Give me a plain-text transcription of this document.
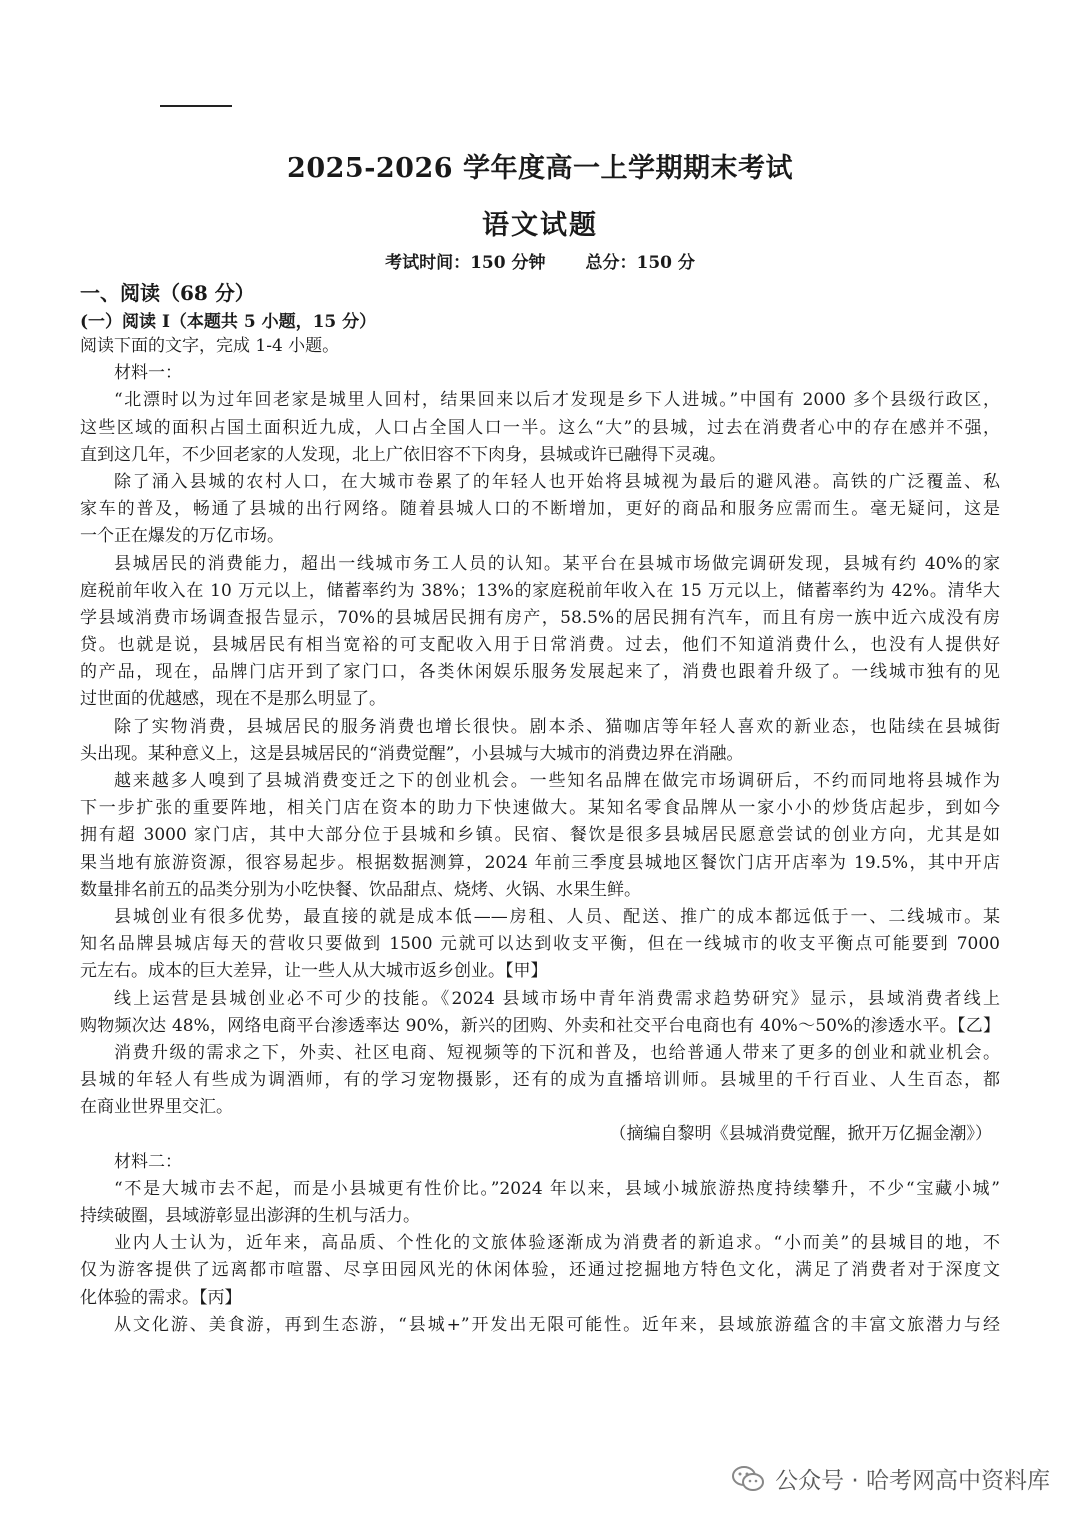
2025-2026 学年度高一上学期期末考试
语文试题
考试时间：150 分钟 总分：150 分
一、阅读（68 分）
(一）阅读 I（本题共 5 小题，15 分）
阅读下面的文字，完成 1-4 小题。
材料一：
“北漂时以为过年回老家是城里人回村，结果回来以后才发现是乡下人进城。”中国有 2000 多个县级行政区，
这些区域的面积占国土面积近九成，人口占全国人口一半。这么“大”的县城，过去在消费者心中的存在感并不强，
直到这几年，不少回老家的人发现，北上广依旧容不下肉身，县城或许已融得下灵魂。
除了涌入县城的农村人口，在大城市卷累了的年轻人也开始将县城视为最后的避风港。高铁的广泛覆盖、私
家车的普及，畅通了县城的出行网络。随着县城人口的不断增加，更好的商品和服务应需而生。毫无疑问，这是
一个正在爆发的万亿市场。
县城居民的消费能力，超出一线城市务工人员的认知。某平台在县城市场做完调研发现，县城有约 40%的家
庭税前年收入在 10 万元以上，储蓄率约为 38%；13%的家庭税前年收入在 15 万元以上，储蓄率约为 42%。清华大
学县域消费市场调查报告显示，70%的县城居民拥有房产，58.5%的居民拥有汽车，而且有房一族中近六成没有房
贷。也就是说，县城居民有相当宽裕的可支配收入用于日常消费。过去，他们不知道消费什么，也没有人提供好
的产品，现在，品牌门店开到了家门口，各类休闲娱乐服务发展起来了，消费也跟着升级了。一线城市独有的见
过世面的优越感，现在不是那么明显了。
除了实物消费，县城居民的服务消费也增长很快。剧本杀、猫咖店等年轻人喜欢的新业态，也陆续在县城街
头出现。某种意义上，这是县城居民的“消费觉醒”，小县城与大城市的消费边界在消融。
越来越多人嗅到了县城消费变迁之下的创业机会。一些知名品牌在做完市场调研后，不约而同地将县城作为
下一步扩张的重要阵地，相关门店在资本的助力下快速做大。某知名零食品牌从一家小小的炒货店起步，到如今
拥有超 3000 家门店，其中大部分位于县城和乡镇。民宿、餐饮是很多县城居民愿意尝试的创业方向，尤其是如
果当地有旅游资源，很容易起步。根据数据测算，2024 年前三季度县城地区餐饮门店开店率为 19.5%，其中开店
数量排名前五的品类分别为小吃快餐、饮品甜点、烧烤、火锅、水果生鲜。
县城创业有很多优势，最直接的就是成本低——房租、人员、配送、推广的成本都远低于一、二线城市。某
知名品牌县城店每天的营收只要做到 1500 元就可以达到收支平衡，但在一线城市的收支平衡点可能要到 7000
元左右。成本的巨大差异，让一些人从大城市返乡创业。【甲】
线上运营是县城创业必不可少的技能。《2024 县域市场中青年消费需求趋势研究》显示，县域消费者线上
购物频次达 48%，网络电商平台渗透率达 90%，新兴的团购、外卖和社交平台电商也有 40%～50%的渗透水平。【乙】
消费升级的需求之下，外卖、社区电商、短视频等的下沉和普及，也给普通人带来了更多的创业和就业机会。
县城的年轻人有些成为调酒师，有的学习宠物摄影，还有的成为直播培训师。县城里的千行百业、人生百态，都
在商业世界里交汇。
（摘编自黎明《县城消费觉醒，掀开万亿掘金潮》）
材料二：
“不是大城市去不起，而是小县城更有性价比。”2024 年以来，县域小城旅游热度持续攀升，不少“宝藏小城”
持续破圈，县域游彰显出澎湃的生机与活力。
业内人士认为，近年来，高品质、个性化的文旅体验逐渐成为消费者的新追求。“小而美”的县城目的地，不
仅为游客提供了远离都市喧嚣、尽享田园风光的休闲体验，还通过挖掘地方特色文化，满足了消费者对于深度文
化体验的需求。【丙】
从文化游、美食游，再到生态游，“县城+”开发出无限可能性。近年来，县域旅游蕴含的丰富文旅潜力与经
公众号 · 哈考网高中资料库
